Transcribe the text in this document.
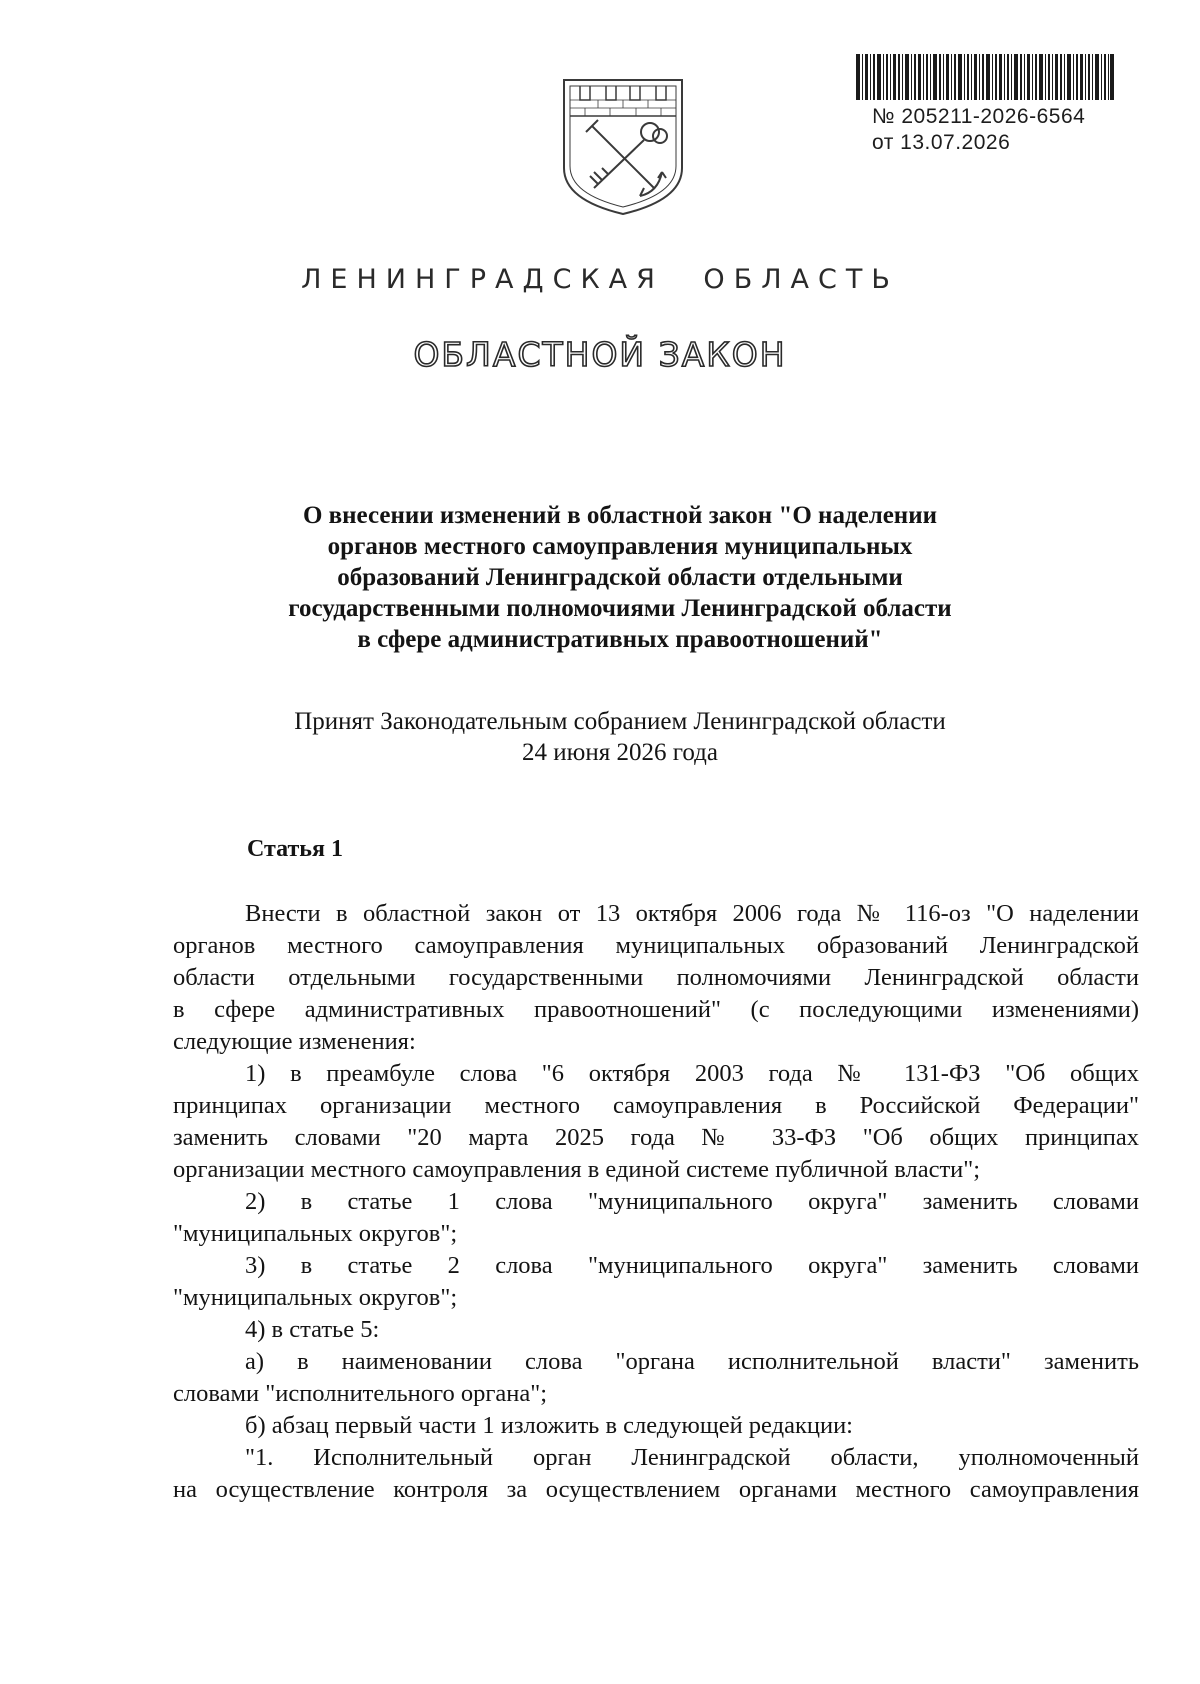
№ 205211-2026-6564
от 13.07.2026
ЛЕНИНГРАДСКАЯ ОБЛАСТЬ
ОБЛАСТНОЙ ЗАКОН
О внесении изменений в областной закон "О наделении
органов местного самоуправления муниципальных
образований Ленинградской области отдельными
государственными полномочиями Ленинградской области
в сфере административных правоотношений"
Принят Законодательным собранием Ленинградской области
24 июня 2026 года
Статья 1
Внести в областной закон от 13 октября 2006 года № 116-оз "О наделении
органов местного самоуправления муниципальных образований Ленинградской
области отдельными государственными полномочиями Ленинградской области
в сфере административных правоотношений" (с последующими изменениями)
следующие изменения:
1) в преамбуле слова "6 октября 2003 года № 131-ФЗ "Об общих
принципах организации местного самоуправления в Российской Федерации"
заменить словами "20 марта 2025 года № 33-ФЗ "Об общих принципах
организации местного самоуправления в единой системе публичной власти";
2) в статье 1 слова "муниципального округа" заменить словами
"муниципальных округов";
3) в статье 2 слова "муниципального округа" заменить словами
"муниципальных округов";
4) в статье 5:
а) в наименовании слова "органа исполнительной власти" заменить
словами "исполнительного органа";
б) абзац первый части 1 изложить в следующей редакции:
"1. Исполнительный орган Ленинградской области, уполномоченный
на осуществление контроля за осуществлением органами местного самоуправления
